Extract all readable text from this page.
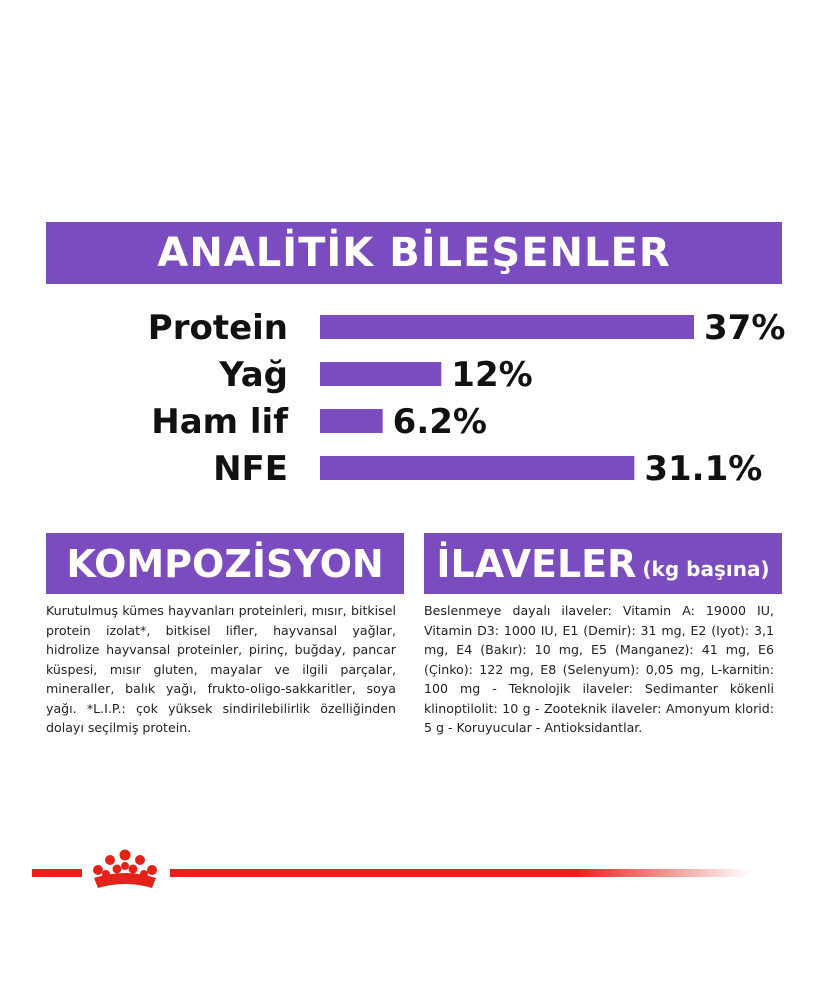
ANALİTİK BİLEŞENLER
Protein	37%
Yağ	12%
Ham lif	6.2%
NFE	31.1%
KOMPOZİSYON
Kurutulmuş kümes hayvanları proteinleri, mısır, bitkisel protein izolat*, bitkisel lifler, hayvansal yağlar, hidrolize hayvansal proteinler, pirinç, buğday, pancar küspesi, mısır gluten, mayalar ve ilgili parçalar, mineraller, balık yağı, frukto-oligo-sakkaritler, soya yağı. *L.I.P.: çok yüksek sindirilebilirlik özelliğinden dolayı seçilmiş protein.
İLAVELER (kg başına)
Beslenmeye dayalı ilaveler: Vitamin A: 19000 IU, Vitamin D3: 1000 IU, E1 (Demir): 31 mg, E2 (Iyot): 3,1 mg, E4 (Bakır): 10 mg, E5 (Manganez): 41 mg, E6 (Çinko): 122 mg, E8 (Selenyum): 0,05 mg, L-karnitin: 100 mg - Teknolojik ilaveler: Sedimanter kökenli klinoptilolit: 10 g - Zooteknik ilaveler: Amonyum klorid: 5 g - Koruyucular - Antioksidantlar.
